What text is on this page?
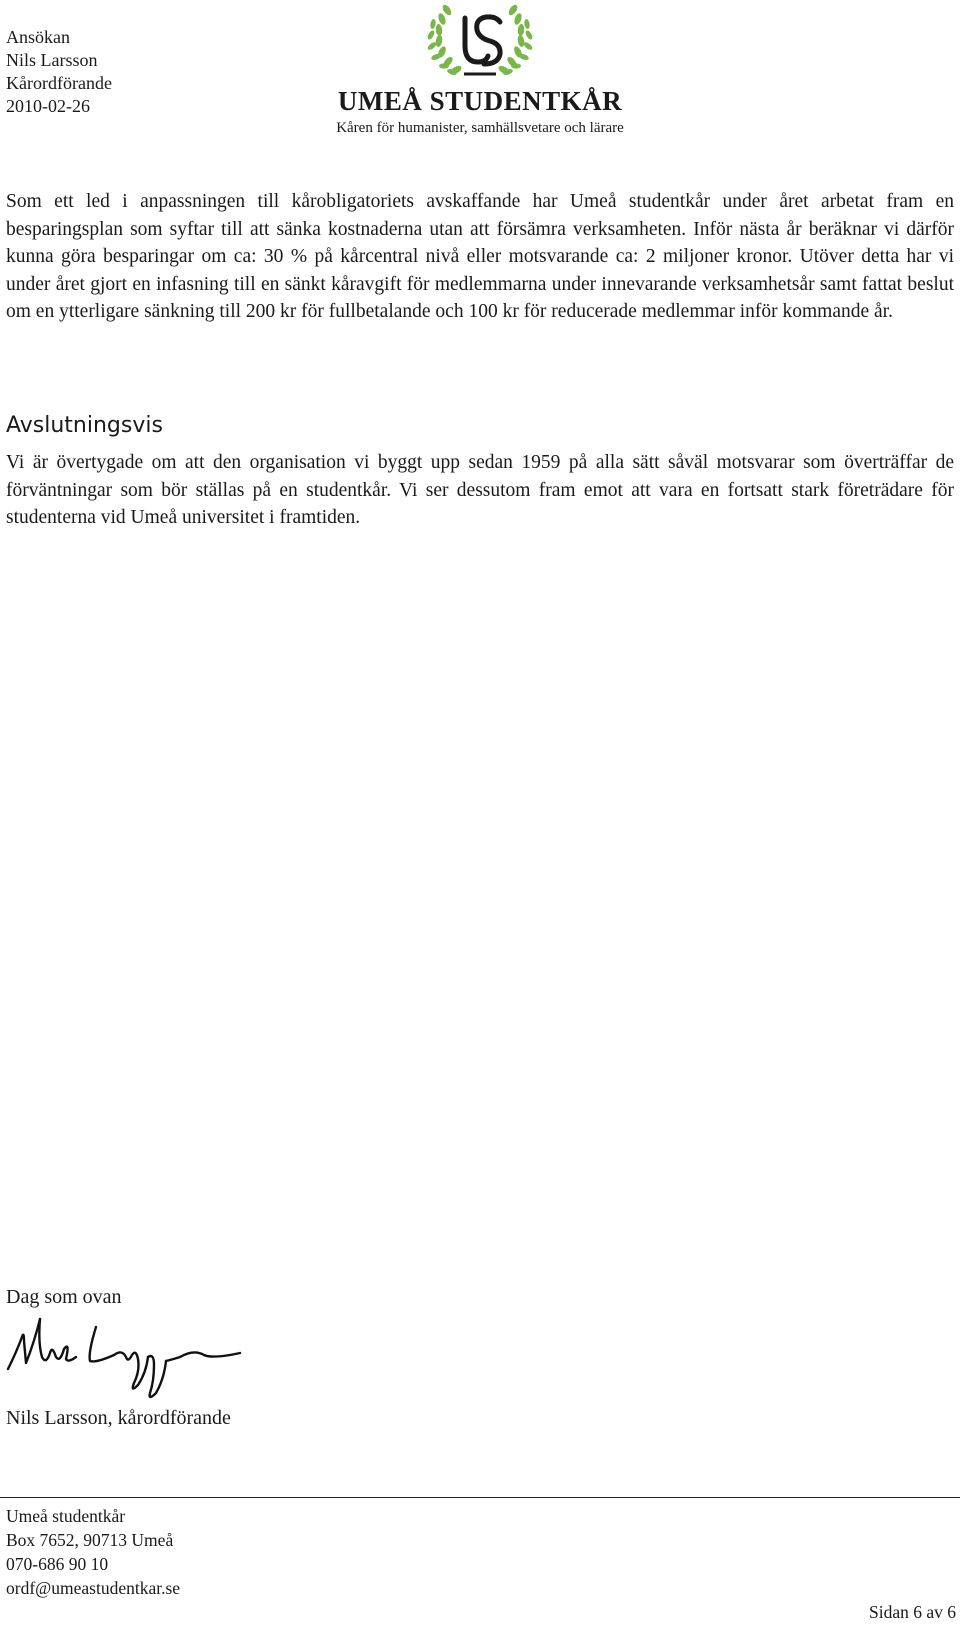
Ansökan
Nils Larsson
Kårordförande
2010-02-26	UMEÅ STUDENTKÅR
Kåren för humanister, samhällsvetare och lärare
Som ett led i anpassningen till kårobligatoriets avskaffande har Umeå studentkår under året arbetat fram en besparingsplan som syftar till att sänka kostnaderna utan att försämra verksamheten. Inför nästa år beräknar vi därför kunna göra besparingar om ca: 30 % på kårcentral nivå eller motsvarande ca: 2 miljoner kronor. Utöver detta har vi under året gjort en infasning till en sänkt kåravgift för medlemmarna under innevarande verksamhetsår samt fattat beslut om en ytterligare sänkning till 200 kr för fullbetalande och 100 kr för reducerade medlemmar inför kommande år.
Avslutningsvis
Vi är övertygade om att den organisation vi byggt upp sedan 1959 på alla sätt såväl motsvarar som överträffar de förväntningar som bör ställas på en studentkår. Vi ser dessutom fram emot att vara en fortsatt stark företrädare för studenterna vid Umeå universitet i framtiden.
Dag som ovan
Nils Larsson, kårordförande
Umeå studentkår
Box 7652, 90713 Umeå
070-686 90 10
ordf@umeastudentkar.se
Sidan 6 av 6
